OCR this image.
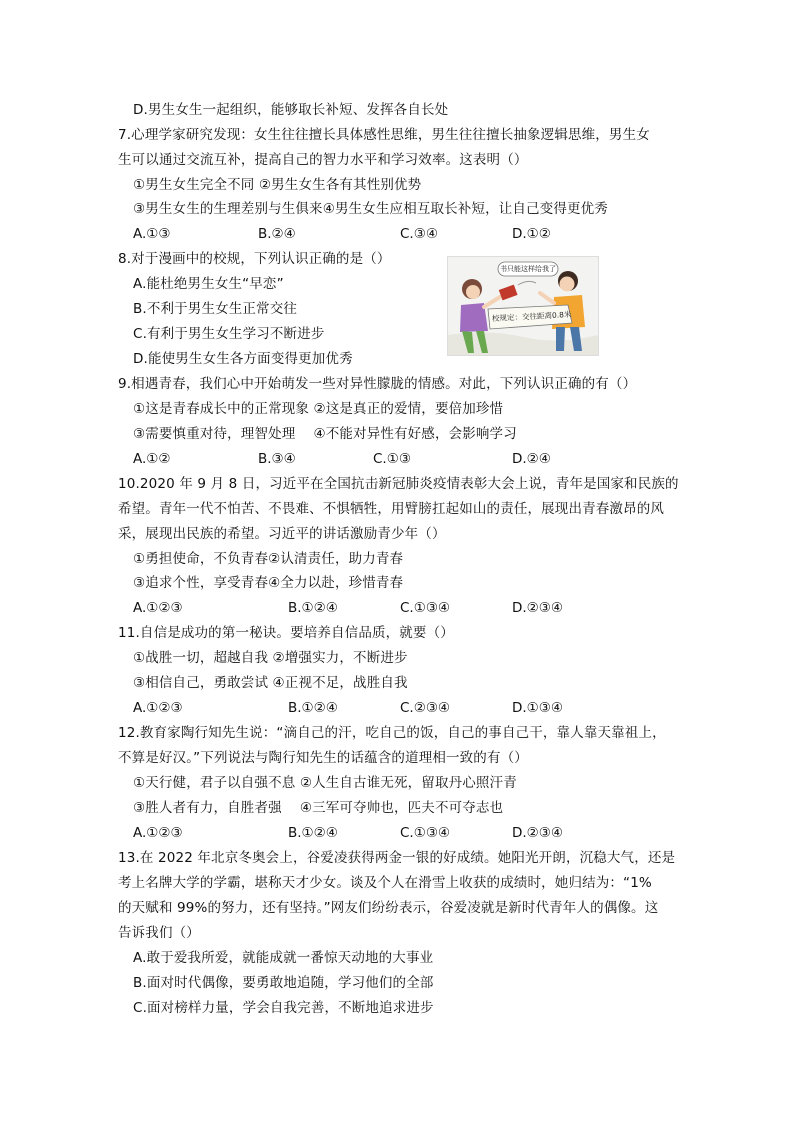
D.男生女生一起组织，能够取长补短、发挥各自长处
7.心理学家研究发现：女生往往擅长具体感性思维，男生往往擅长抽象逻辑思维，男生女
生可以通过交流互补，提高自己的智力水平和学习效率。这表明（）
①男生女生完全不同 ②男生女生各有其性别优势
③男生女生的生理差别与生俱来④男生女生应相互取长补短，让自己变得更优秀
A.①③	B.②④	C.③④	D.①②
8.对于漫画中的校规，下列认识正确的是（）
A.能杜绝男生女生“早恋”
B.不利于男生女生正常交往
C.有利于男生女生学习不断进步
D.能使男生女生各方面变得更加优秀
书只能这样给我了
校规定：交往距离0.8米
9.相遇青春，我们心中开始萌发一些对异性朦胧的情感。对此，下列认识正确的有（）
①这是青春成长中的正常现象 ②这是真正的爱情，要倍加珍惜
③需要慎重对待，理智处理　 ④不能对异性有好感，会影响学习
A.①②	B.③④	C.①③	D.②④
10.2020 年 9 月 8 日，习近平在全国抗击新冠肺炎疫情表彰大会上说，青年是国家和民族的
希望。青年一代不怕苦、不畏难、不惧牺牲，用臂膀扛起如山的责任，展现出青春激昂的风
采，展现出民族的希望。习近平的讲话激励青少年（）
①勇担使命，不负青春②认清责任，助力青春
③追求个性，享受青春④全力以赴，珍惜青春
A.①②③	B.①②④	C.①③④	D.②③④
11.自信是成功的第一秘诀。要培养自信品质，就要（）
①战胜一切，超越自我 ②增强实力，不断进步
③相信自己，勇敢尝试 ④正视不足，战胜自我
A.①②③	B.①②④	C.②③④	D.①③④
12.教育家陶行知先生说：“滴自己的汗，吃自己的饭，自己的事自己干，靠人靠天靠祖上，
不算是好汉。”下列说法与陶行知先生的话蕴含的道理相一致的有（）
①天行健，君子以自强不息 ②人生自古谁无死，留取丹心照汗青
③胜人者有力，自胜者强　 ④三军可夺帅也，匹夫不可夺志也
A.①②③	B.①②④	C.①③④	D.②③④
13.在 2022 年北京冬奥会上，谷爱凌获得两金一银的好成绩。她阳光开朗，沉稳大气，还是
考上名牌大学的学霸，堪称天才少女。谈及个人在滑雪上收获的成绩时，她归结为：“1%
的天赋和 99%的努力，还有坚持。”网友们纷纷表示，谷爱凌就是新时代青年人的偶像。这
告诉我们（）
A.敢于爱我所爱，就能成就一番惊天动地的大事业
B.面对时代偶像，要勇敢地追随，学习他们的全部
C.面对榜样力量，学会自我完善，不断地追求进步
